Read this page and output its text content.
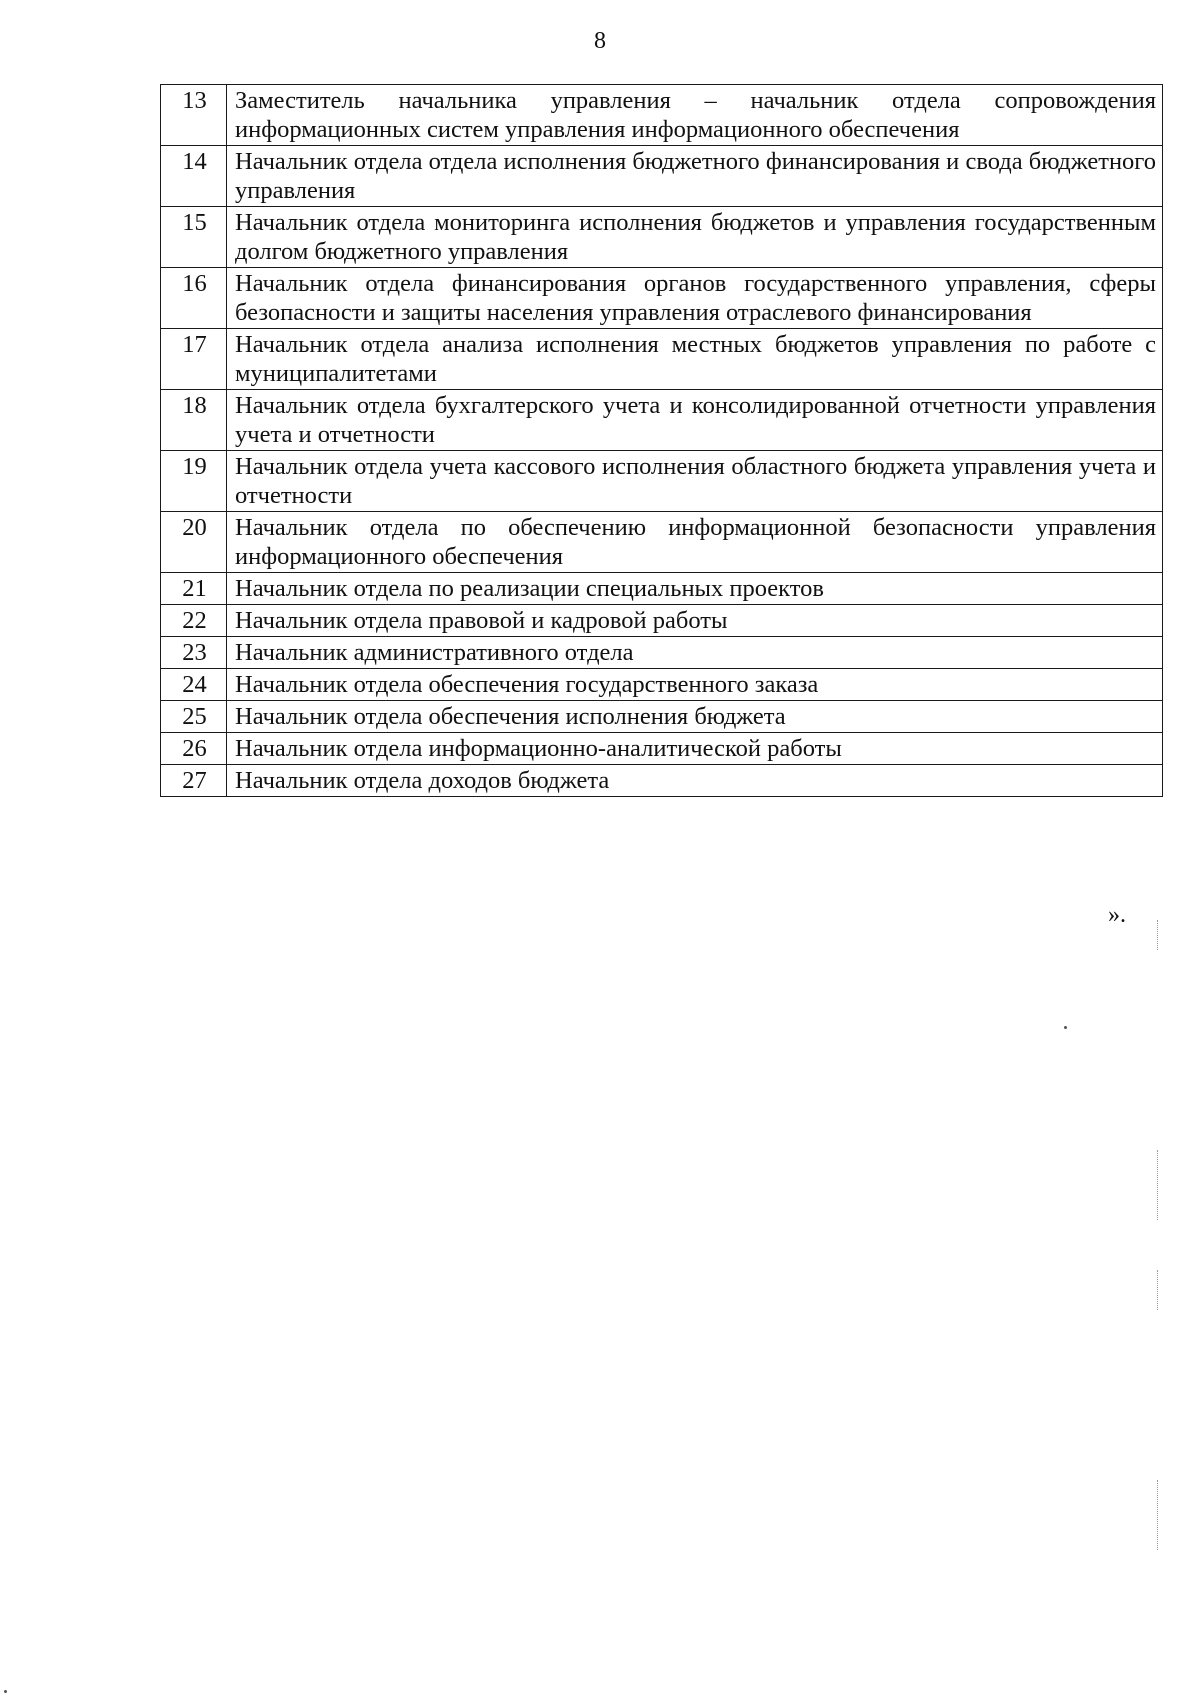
8
13	Заместитель начальника управления – начальник отдела сопровождения информационных систем управления информационного обеспечения
14	Начальник отдела отдела исполнения бюджетного финансирования и свода бюджетного управления
15	Начальник отдела мониторинга исполнения бюджетов и управления государственным долгом бюджетного управления
16	Начальник отдела финансирования органов государственного управления, сферы безопасности и защиты населения управления отраслевого финансирования
17	Начальник отдела анализа исполнения местных бюджетов управления по работе с муниципалитетами
18	Начальник отдела бухгалтерского учета и консолидированной отчетности управления учета и отчетности
19	Начальник отдела учета кассового исполнения областного бюджета управления учета и отчетности
20	Начальник отдела по обеспечению информационной безопасности управления информационного обеспечения
21	Начальник отдела по реализации специальных проектов
22	Начальник отдела правовой и кадровой работы
23	Начальник административного отдела
24	Начальник отдела обеспечения государственного заказа
25	Начальник отдела обеспечения исполнения бюджета
26	Начальник отдела информационно-аналитической работы
27	Начальник отдела доходов бюджета
».
